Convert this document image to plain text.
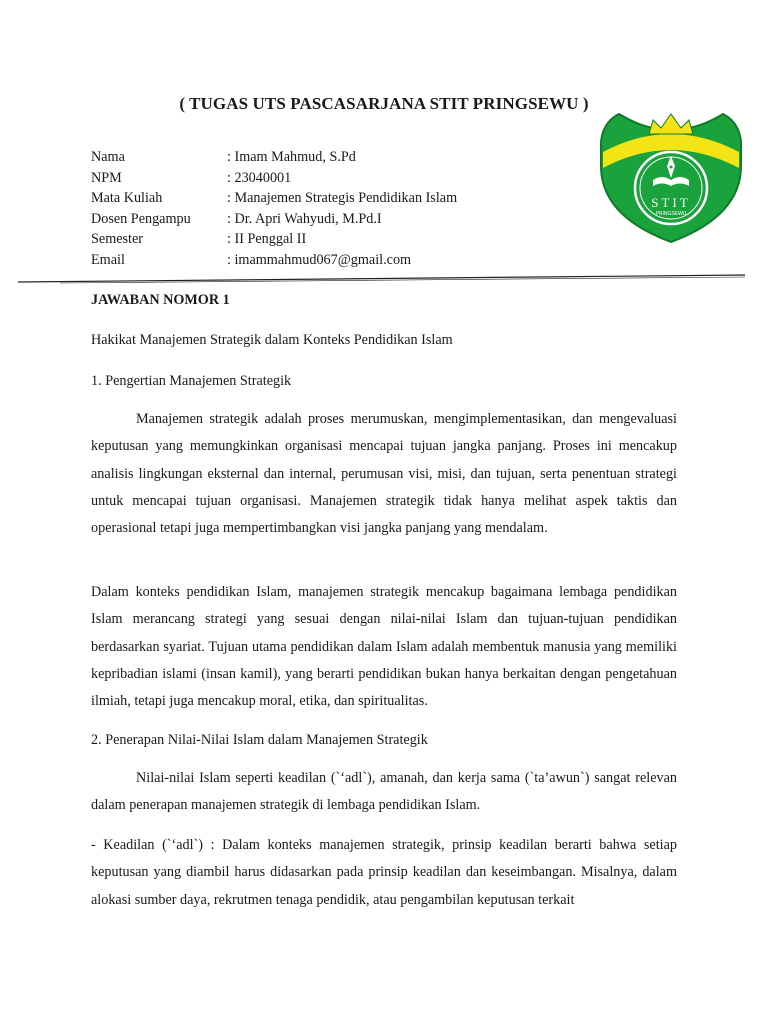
( TUGAS UTS PASCASARJANA STIT PRINGSEWU )
STIT
PRINGSEWU
Nama	: Imam Mahmud, S.Pd
NPM	: 23040001
Mata Kuliah	: Manajemen Strategis Pendidikan Islam
Dosen Pengampu	: Dr. Apri Wahyudi, M.Pd.I
Semester	: II Penggal II
Email	: imammahmud067@gmail.com
JAWABAN NOMOR 1
Hakikat Manajemen Strategik dalam Konteks Pendidikan Islam
1. Pengertian Manajemen Strategik

Manajemen strategik adalah proses merumuskan, mengimplementasikan, dan mengevaluasi keputusan yang memungkinkan organisasi mencapai tujuan jangka panjang. Proses ini mencakup analisis lingkungan eksternal dan internal, perumusan visi, misi, dan tujuan, serta penentuan strategi untuk mencapai tujuan organisasi. Manajemen strategik tidak hanya melihat aspek taktis dan operasional tetapi juga mempertimbangkan visi jangka panjang yang mendalam.

Dalam konteks pendidikan Islam, manajemen strategik mencakup bagaimana lembaga pendidikan Islam merancang strategi yang sesuai dengan nilai-nilai Islam dan tujuan-tujuan pendidikan berdasarkan syariat. Tujuan utama pendidikan dalam Islam adalah membentuk manusia yang memiliki kepribadian islami (insan kamil), yang berarti pendidikan bukan hanya berkaitan dengan pengetahuan ilmiah, tetapi juga mencakup moral, etika, dan spiritualitas.

2. Penerapan Nilai-Nilai Islam dalam Manajemen Strategik

Nilai-nilai Islam seperti keadilan (`‘adl`), amanah, dan kerja sama (`ta’awun`) sangat relevan dalam penerapan manajemen strategik di lembaga pendidikan Islam.

- Keadilan (`‘adl`) : Dalam konteks manajemen strategik, prinsip keadilan berarti bahwa setiap keputusan yang diambil harus didasarkan pada prinsip keadilan dan keseimbangan. Misalnya, dalam alokasi sumber daya, rekrutmen tenaga pendidik, atau pengambilan keputusan terkait
